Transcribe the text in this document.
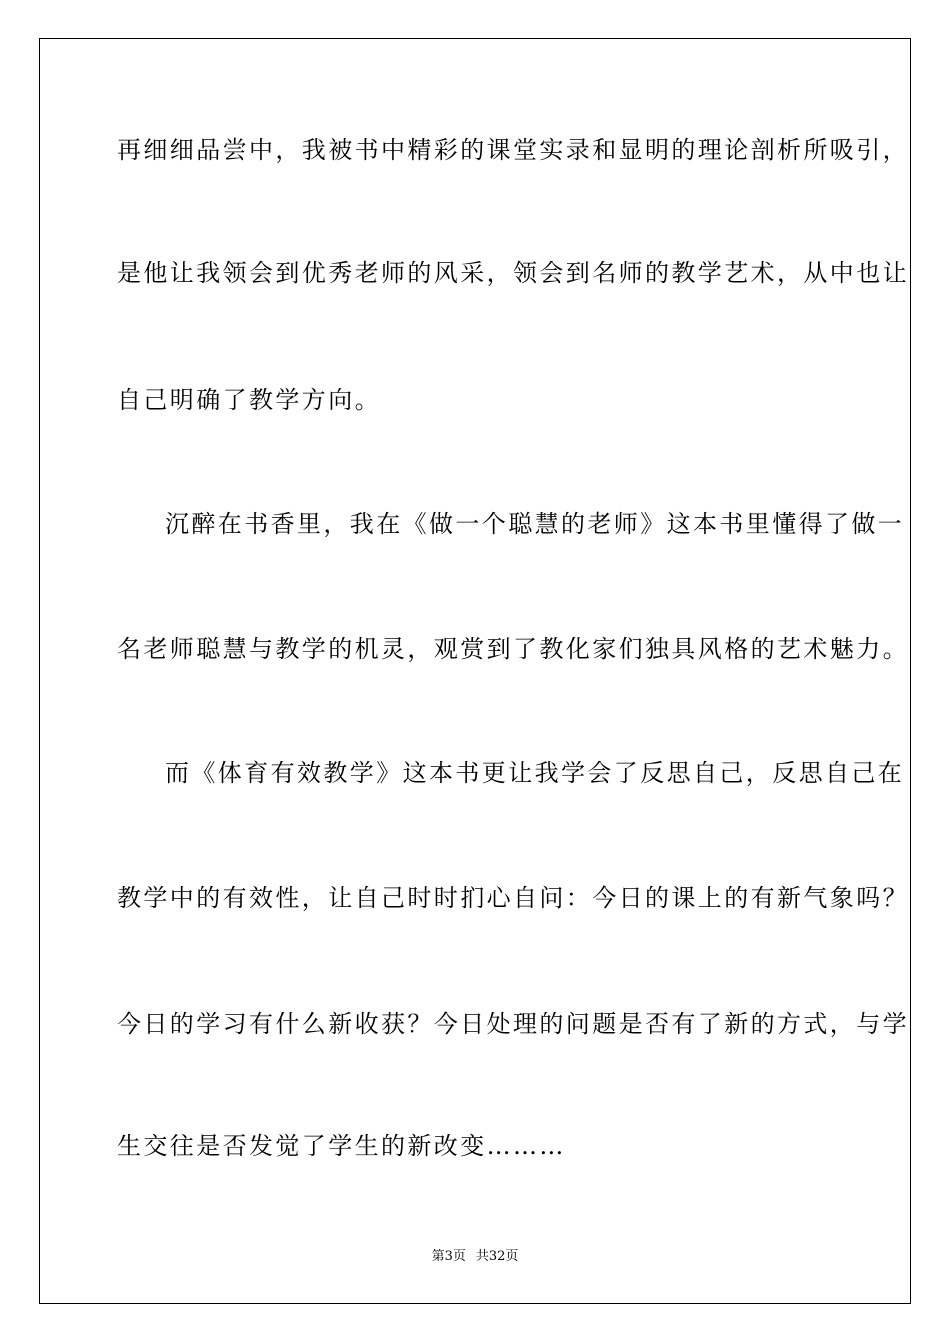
再细细品尝中，我被书中精彩的课堂实录和显明的理论剖析所吸引，
是他让我领会到优秀老师的风采，领会到名师的教学艺术，从中也让
自己明确了教学方向。
沉醉在书香里，我在《做一个聪慧的老师》这本书里懂得了做一
名老师聪慧与教学的机灵，观赏到了教化家们独具风格的艺术魅力。
而《体育有效教学》这本书更让我学会了反思自己，反思自己在
教学中的有效性，让自己时时扪心自问：今日的课上的有新气象吗？
今日的学习有什么新收获？今日处理的问题是否有了新的方式，与学
生交往是否发觉了学生的新改变………
第3页 共32页
